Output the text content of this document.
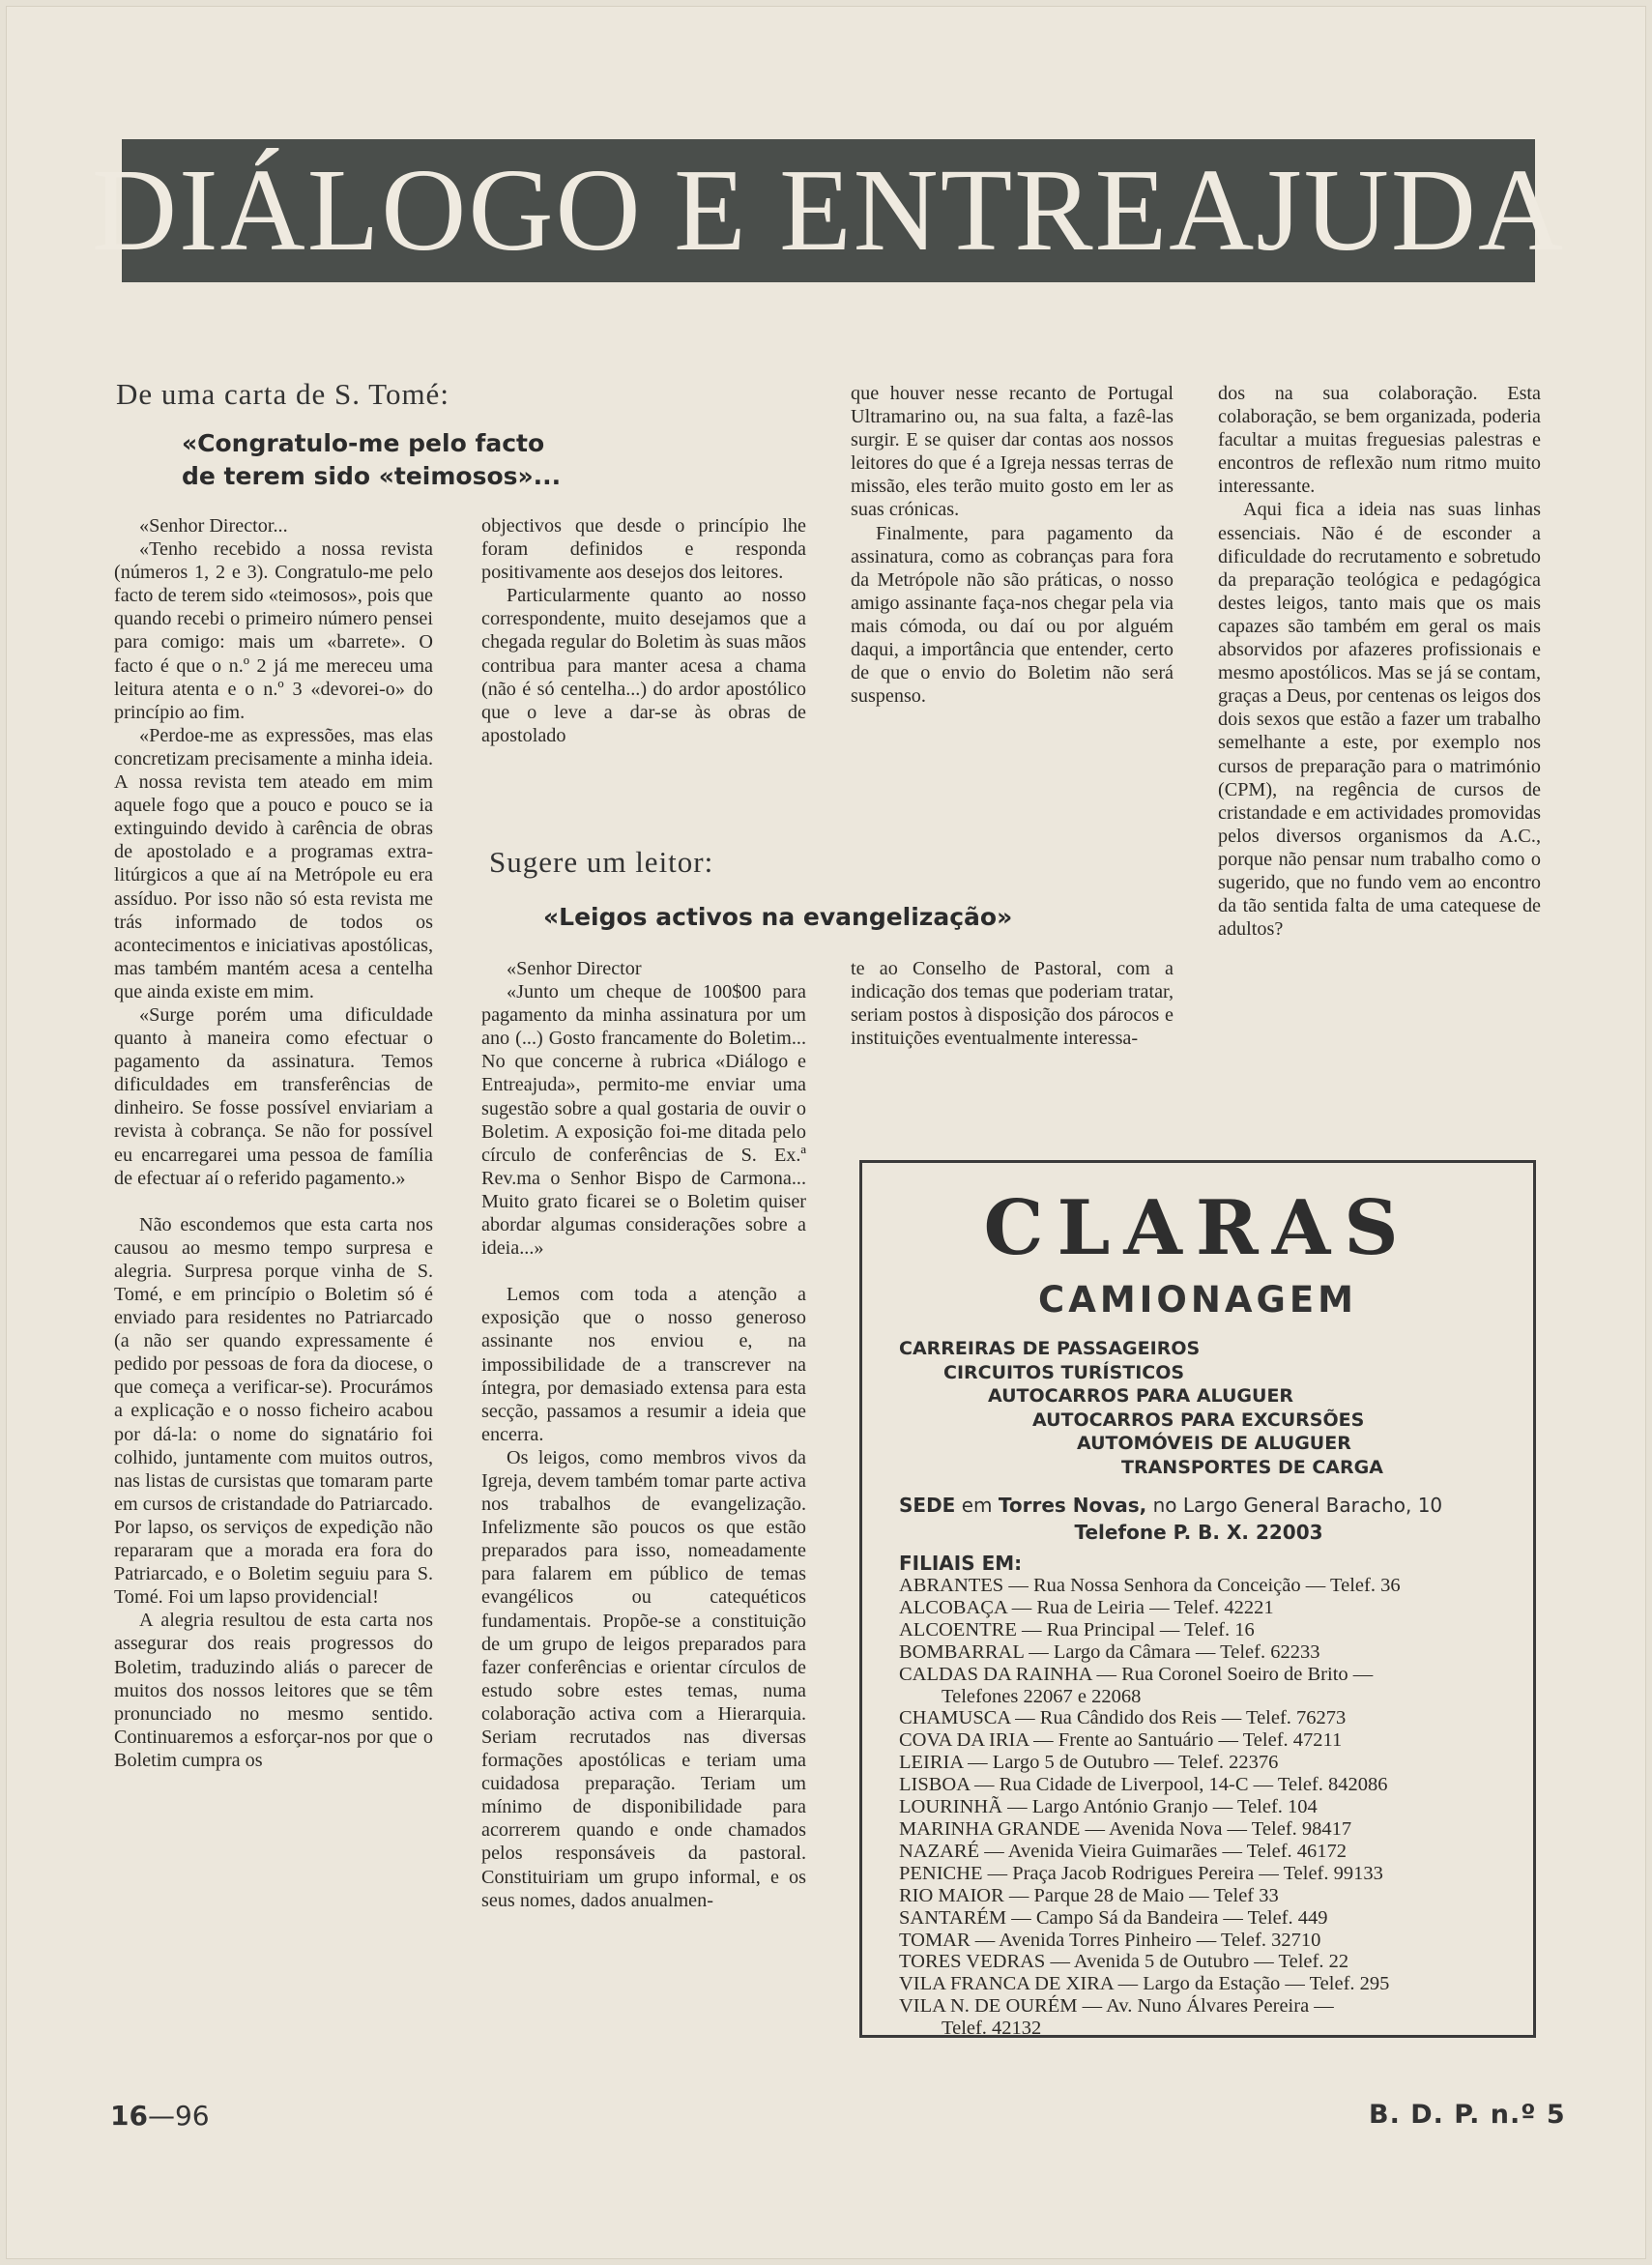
DIÁLOGO E ENTREAJUDA
De uma carta de S. Tomé:
«Congratulo-me pelo facto
de terem sido «teimosos»...

«Senhor Director...

«Tenho recebido a nossa revista (números 1, 2 e 3). Congratulo-me pelo facto de terem sido «teimosos», pois que quando recebi o primeiro número pensei para comigo: mais um «barrete». O facto é que o n.º 2 já me mereceu uma leitura atenta e o n.º 3 «devorei-o» do princípio ao fim.

«Perdoe-me as expressões, mas elas concretizam precisamente a minha ideia. A nossa revista tem ateado em mim aquele fogo que a pouco e pouco se ia extinguindo devido à carência de obras de apostolado e a programas extra-litúrgicos a que aí na Metrópole eu era assíduo. Por isso não só esta revista me trás informado de todos os acontecimentos e iniciativas apostólicas, mas também mantém acesa a centelha que ainda existe em mim.

«Surge porém uma dificuldade quanto à maneira como efectuar o pagamento da assinatura. Temos dificuldades em transferências de dinheiro. Se fosse possível enviariam a revista à cobrança. Se não for possível eu encarregarei uma pessoa de família de efectuar aí o referido pagamento.»

Não escondemos que esta carta nos causou ao mesmo tempo surpresa e alegria. Surpresa porque vinha de S. Tomé, e em princípio o Boletim só é enviado para residentes no Patriarcado (a não ser quando expressamente é pedido por pessoas de fora da diocese, o que começa a verificar-se). Procurámos a explicação e o nosso ficheiro acabou por dá-la: o nome do signatário foi colhido, juntamente com muitos outros, nas listas de cursistas que tomaram parte em cursos de cristandade do Patriarcado. Por lapso, os serviços de expedição não repararam que a morada era fora do Patriarcado, e o Boletim seguiu para S. Tomé. Foi um lapso providencial!

A alegria resultou de esta carta nos assegurar dos reais progressos do Boletim, traduzindo aliás o parecer de muitos dos nossos leitores que se têm pronunciado no mesmo sentido. Continuaremos a esforçar-nos por que o Boletim cumpra os

objectivos que desde o princípio lhe foram definidos e responda positivamente aos desejos dos leitores.

Particularmente quanto ao nosso correspondente, muito desejamos que a chegada regular do Boletim às suas mãos contribua para manter acesa a chama (não é só centelha...) do ardor apostólico que o leve a dar-se às obras de apostolado

que houver nesse recanto de Portugal Ultramarino ou, na sua falta, a fazê-las surgir. E se quiser dar contas aos nossos leitores do que é a Igreja nessas terras de missão, eles terão muito gosto em ler as suas crónicas.

Finalmente, para pagamento da assinatura, como as cobranças para fora da Metrópole não são práticas, o nosso amigo assinante faça-nos chegar pela via mais cómoda, ou daí ou por alguém daqui, a importância que entender, certo de que o envio do Boletim não será suspenso.

dos na sua colaboração. Esta colaboração, se bem organizada, poderia facultar a muitas freguesias palestras e encontros de reflexão num ritmo muito interessante.

Aqui fica a ideia nas suas linhas essenciais. Não é de esconder a dificuldade do recrutamento e sobretudo da preparação teológica e pedagógica destes leigos, tanto mais que os mais capazes são também em geral os mais absorvidos por afazeres profissionais e mesmo apostólicos. Mas se já se contam, graças a Deus, por centenas os leigos dos dois sexos que estão a fazer um trabalho semelhante a este, por exemplo nos cursos de preparação para o matrimónio (CPM), na regência de cursos de cristandade e em actividades promovidas pelos diversos organismos da A.C., porque não pensar num trabalho como o sugerido, que no fundo vem ao encontro da tão sentida falta de uma catequese de adultos?

Sugere um leitor:
«Leigos activos na evangelização»

«Senhor Director

«Junto um cheque de 100$00 para pagamento da minha assinatura por um ano (...) Gosto francamente do Boletim... No que concerne à rubrica «Diálogo e Entreajuda», permito-me enviar uma sugestão sobre a qual gostaria de ouvir o Boletim. A exposição foi-me ditada pelo círculo de conferências de S. Ex.ª Rev.ma o Senhor Bispo de Carmona... Muito grato ficarei se o Boletim quiser abordar algumas considerações sobre a ideia...»

Lemos com toda a atenção a exposição que o nosso generoso assinante nos enviou e, na impossibilidade de a transcrever na íntegra, por demasiado extensa para esta secção, passamos a resumir a ideia que encerra.

Os leigos, como membros vivos da Igreja, devem também tomar parte activa nos trabalhos de evangelização. Infelizmente são poucos os que estão preparados para isso, nomeadamente para falarem em público de temas evangélicos ou catequéticos fundamentais. Propõe-se a constituição de um grupo de leigos preparados para fazer conferências e orientar círculos de estudo sobre estes temas, numa colaboração activa com a Hierarquia. Seriam recrutados nas diversas formações apostólicas e teriam uma cuidadosa preparação. Teriam um mínimo de disponibilidade para acorrerem quando e onde chamados pelos responsáveis da pastoral. Constituiriam um grupo informal, e os seus nomes, dados anualmen-

te ao Conselho de Pastoral, com a indicação dos temas que poderiam tratar, seriam postos à disposição dos párocos e instituições eventualmente interessa-

CLARAS
CAMIONAGEM
CARREIRAS DE PASSAGEIROS
CIRCUITOS TURÍSTICOS
AUTOCARROS PARA ALUGUER
AUTOCARROS PARA EXCURSÕES
AUTOMÓVEIS DE ALUGUER
TRANSPORTES DE CARGA
SEDE em Torres Novas, no Largo General Baracho, 10
Telefone P. B. X. 22003
FILIAIS EM:
ABRANTES — Rua Nossa Senhora da Conceição — Telef. 36
ALCOBAÇA — Rua de Leiria — Telef. 42221
ALCOENTRE — Rua Principal — Telef. 16
BOMBARRAL — Largo da Câmara — Telef. 62233
CALDAS DA RAINHA — Rua Coronel Soeiro de Brito —
Telefones 22067 e 22068
CHAMUSCA — Rua Cândido dos Reis — Telef. 76273
COVA DA IRIA — Frente ao Santuário — Telef. 47211
LEIRIA — Largo 5 de Outubro — Telef. 22376
LISBOA — Rua Cidade de Liverpool, 14-C — Telef. 842086
LOURINHÃ — Largo António Granjo — Telef. 104
MARINHA GRANDE — Avenida Nova — Telef. 98417
NAZARÉ — Avenida Vieira Guimarães — Telef. 46172
PENICHE — Praça Jacob Rodrigues Pereira — Telef. 99133
RIO MAIOR — Parque 28 de Maio — Telef 33
SANTARÉM — Campo Sá da Bandeira — Telef. 449
TOMAR — Avenida Torres Pinheiro — Telef. 32710
TORES VEDRAS — Avenida 5 de Outubro — Telef. 22
VILA FRANCA DE XIRA — Largo da Estação — Telef. 295
VILA N. DE OURÉM — Av. Nuno Álvares Pereira —
Telef. 42132
16—96	B. D. P. n.º 5
